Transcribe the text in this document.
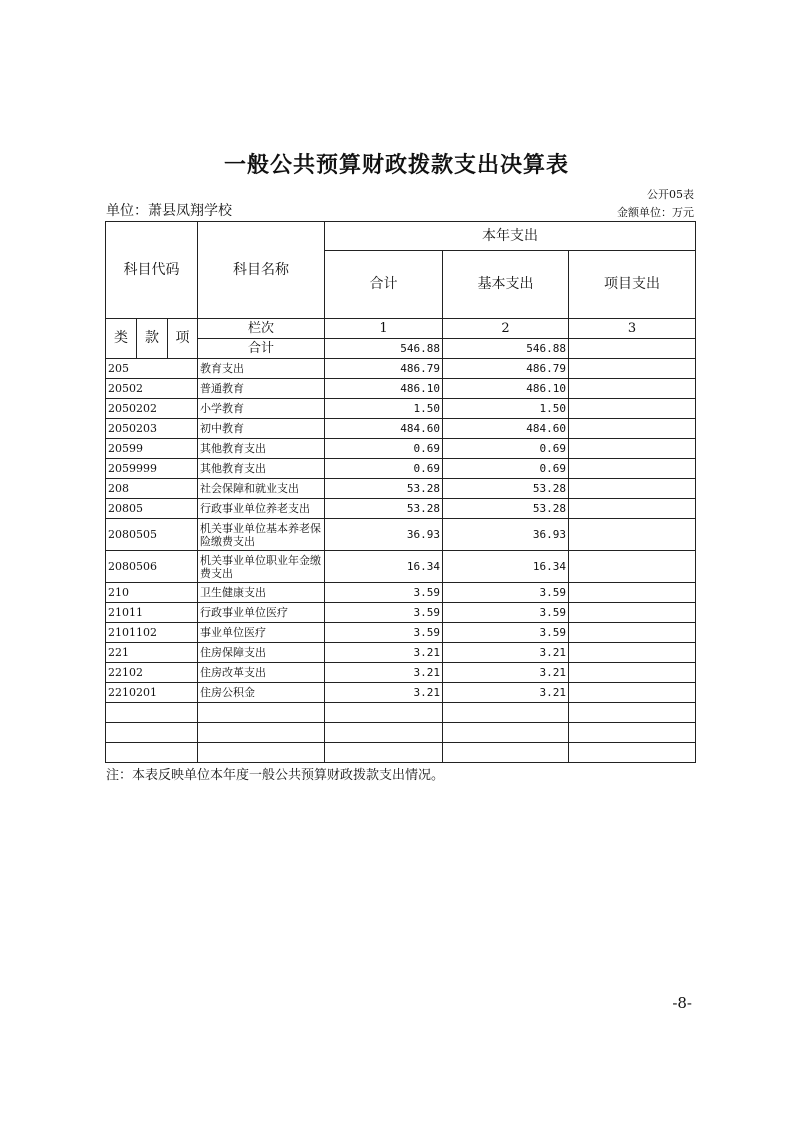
一般公共预算财政拨款支出决算表
公开05表
单位：萧县凤翔学校	金额单位：万元
科目代码			科目名称	本年支出		
				合计	基本支出	项目支出
类	款	项	栏次	1	2	3
			合计	546.88	546.88	
205			教育支出	486.79	486.79	
20502			普通教育	486.10	486.10	
2050202			小学教育	1.50	1.50	
2050203			初中教育	484.60	484.60	
20599			其他教育支出	0.69	0.69	
2059999			其他教育支出	0.69	0.69	
208			社会保障和就业支出	53.28	53.28	
20805			行政事业单位养老支出	53.28	53.28	
2080505			机关事业单位基本养老保险缴费支出	36.93	36.93	
2080506			机关事业单位职业年金缴费支出	16.34	16.34	
210			卫生健康支出	3.59	3.59	
21011			行政事业单位医疗	3.59	3.59	
2101102			事业单位医疗	3.59	3.59	
221			住房保障支出	3.21	3.21	
22102			住房改革支出	3.21	3.21	
2210201			住房公积金	3.21	3.21	

注：本表反映单位本年度一般公共预算财政拨款支出情况。
-8-
